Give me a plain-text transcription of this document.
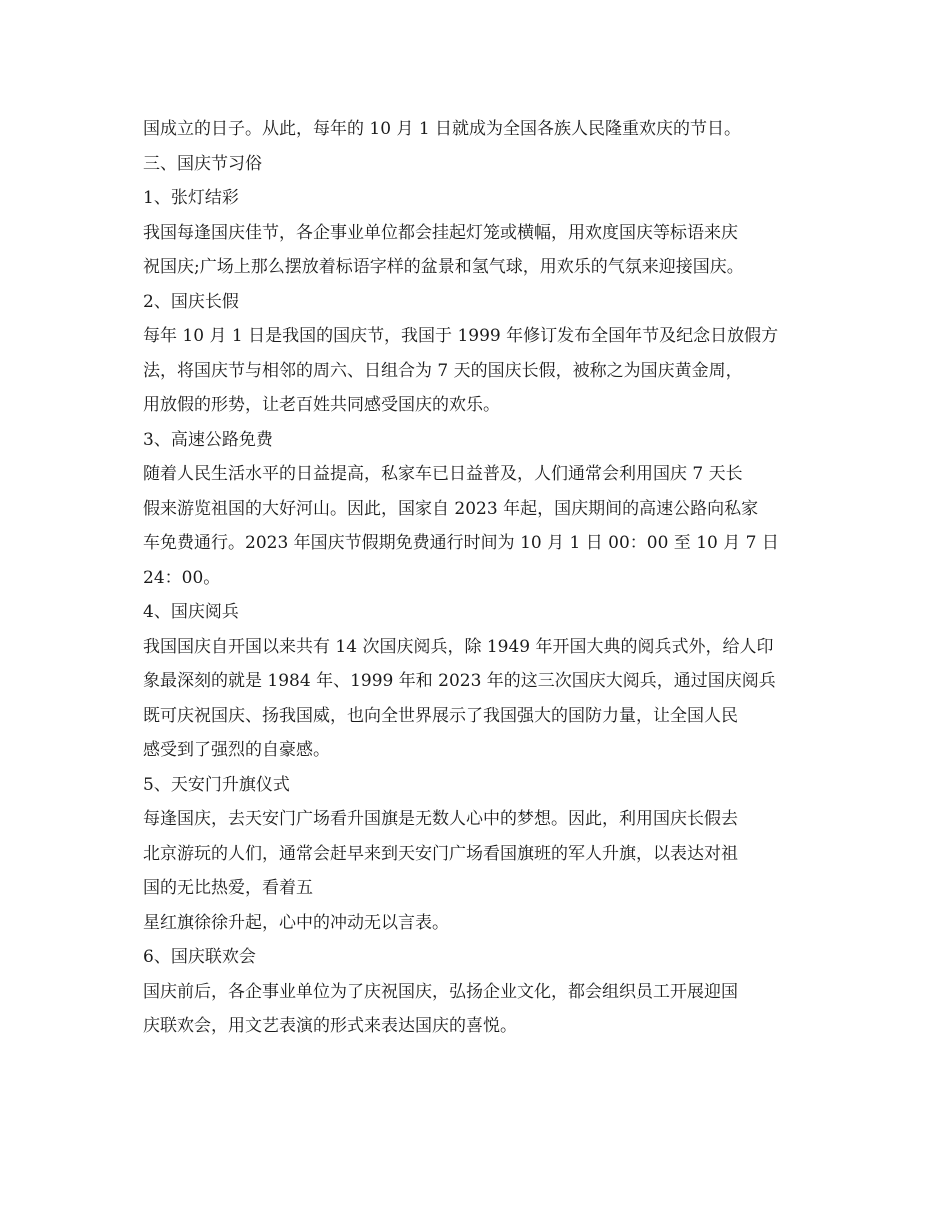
国成立的日子。从此，每年的 10 月 1 日就成为全国各族人民隆重欢庆的节日。
三、国庆节习俗
1、张灯结彩
我国每逢国庆佳节，各企事业单位都会挂起灯笼或横幅，用欢度国庆等标语来庆
祝国庆;广场上那么摆放着标语字样的盆景和氢气球，用欢乐的气氛来迎接国庆。
2、国庆长假
每年 10 月 1 日是我国的国庆节，我国于 1999 年修订发布全国年节及纪念日放假方
法，将国庆节与相邻的周六、日组合为 7 天的国庆长假，被称之为国庆黄金周，
用放假的形势，让老百姓共同感受国庆的欢乐。
3、高速公路免费
随着人民生活水平的日益提高，私家车已日益普及，人们通常会利用国庆 7 天长
假来游览祖国的大好河山。因此，国家自 2023 年起，国庆期间的高速公路向私家
车免费通行。2023 年国庆节假期免费通行时间为 10 月 1 日 00：00 至 10 月 7 日
24：00。
4、国庆阅兵
我国国庆自开国以来共有 14 次国庆阅兵，除 1949 年开国大典的阅兵式外，给人印
象最深刻的就是 1984 年、1999 年和 2023 年的这三次国庆大阅兵，通过国庆阅兵
既可庆祝国庆、扬我国威，也向全世界展示了我国强大的国防力量，让全国人民
感受到了强烈的自豪感。
5、天安门升旗仪式
每逢国庆，去天安门广场看升国旗是无数人心中的梦想。因此，利用国庆长假去
北京游玩的人们，通常会赶早来到天安门广场看国旗班的军人升旗，以表达对祖
国的无比热爱，看着五
星红旗徐徐升起，心中的冲动无以言表。
6、国庆联欢会
国庆前后，各企事业单位为了庆祝国庆，弘扬企业文化，都会组织员工开展迎国
庆联欢会，用文艺表演的形式来表达国庆的喜悦。
